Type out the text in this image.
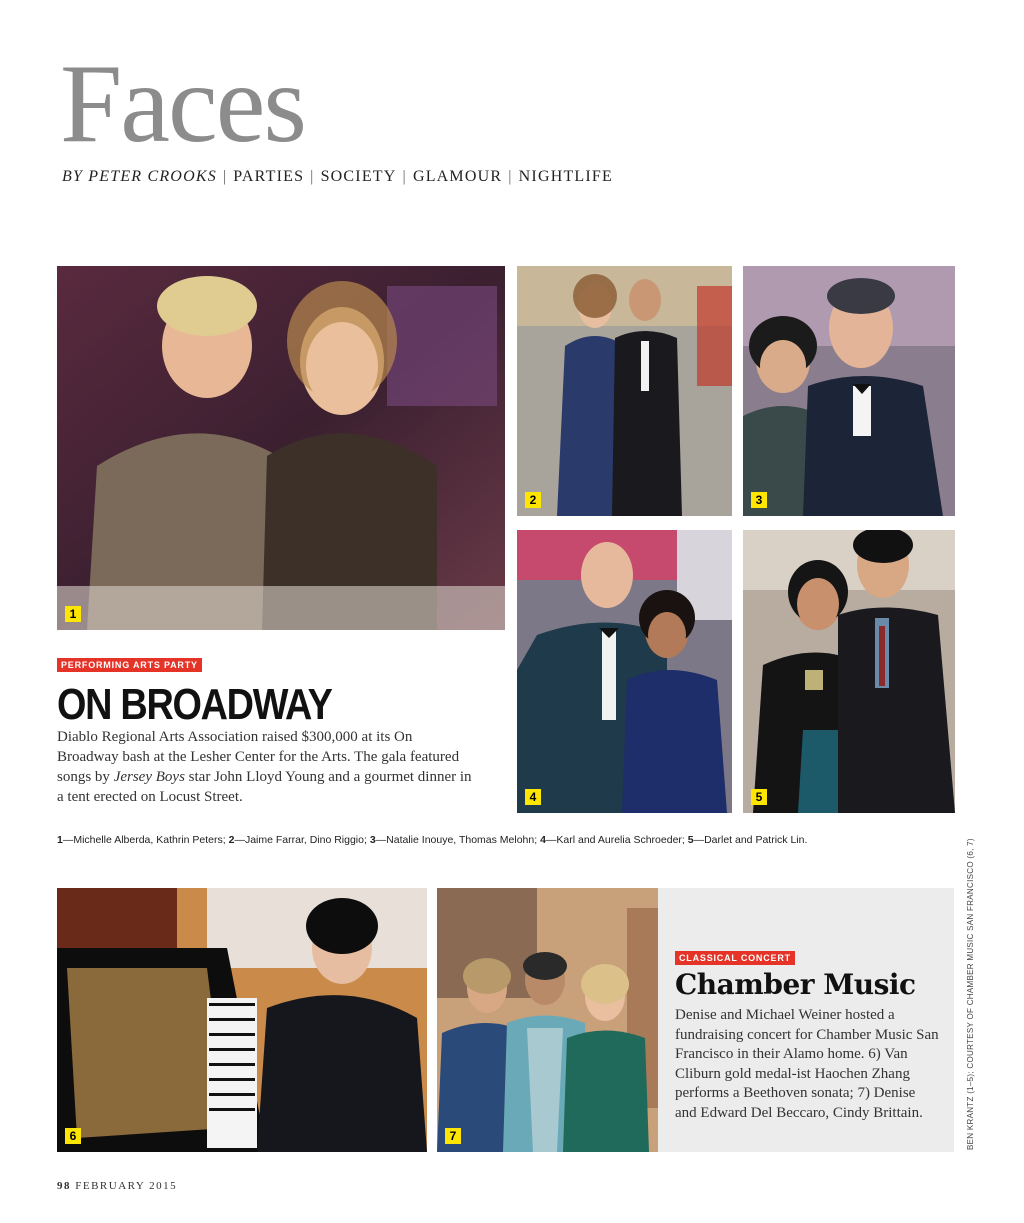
Faces
BY PETER CROOKS | PARTIES | SOCIETY | GLAMOUR | NIGHTLIFE
1
2	3
4	5
PERFORMING ARTS PARTY
ON BROADWAY
Diablo Regional Arts Association raised $300,000 at its On Broadway bash at the Lesher Center for the Arts. The gala featured songs by Jersey Boys star John Lloyd Young and a gourmet dinner in a tent erected on Locust Street.
1—Michelle Alberda, Kathrin Peters; 2—Jaime Farrar, Dino Riggio; 3—Natalie Inouye, Thomas Melohn; 4—Karl and Aurelia Schroeder; 5—Darlet and Patrick Lin.
6	7
CLASSICAL CONCERT
Chamber Music
Denise and Michael Weiner hosted a fundraising concert for Chamber Music San Francisco in their Alamo home. 6) Van Cliburn gold medal-ist Haochen Zhang performs a Beethoven sonata; 7) Denise and Edward Del Beccaro, Cindy Brittain.	BEN KRANTZ (1–5); COURTESY OF CHAMBER MUSIC SAN FRANCISCO (6, 7)
98 FEBRUARY 2015
